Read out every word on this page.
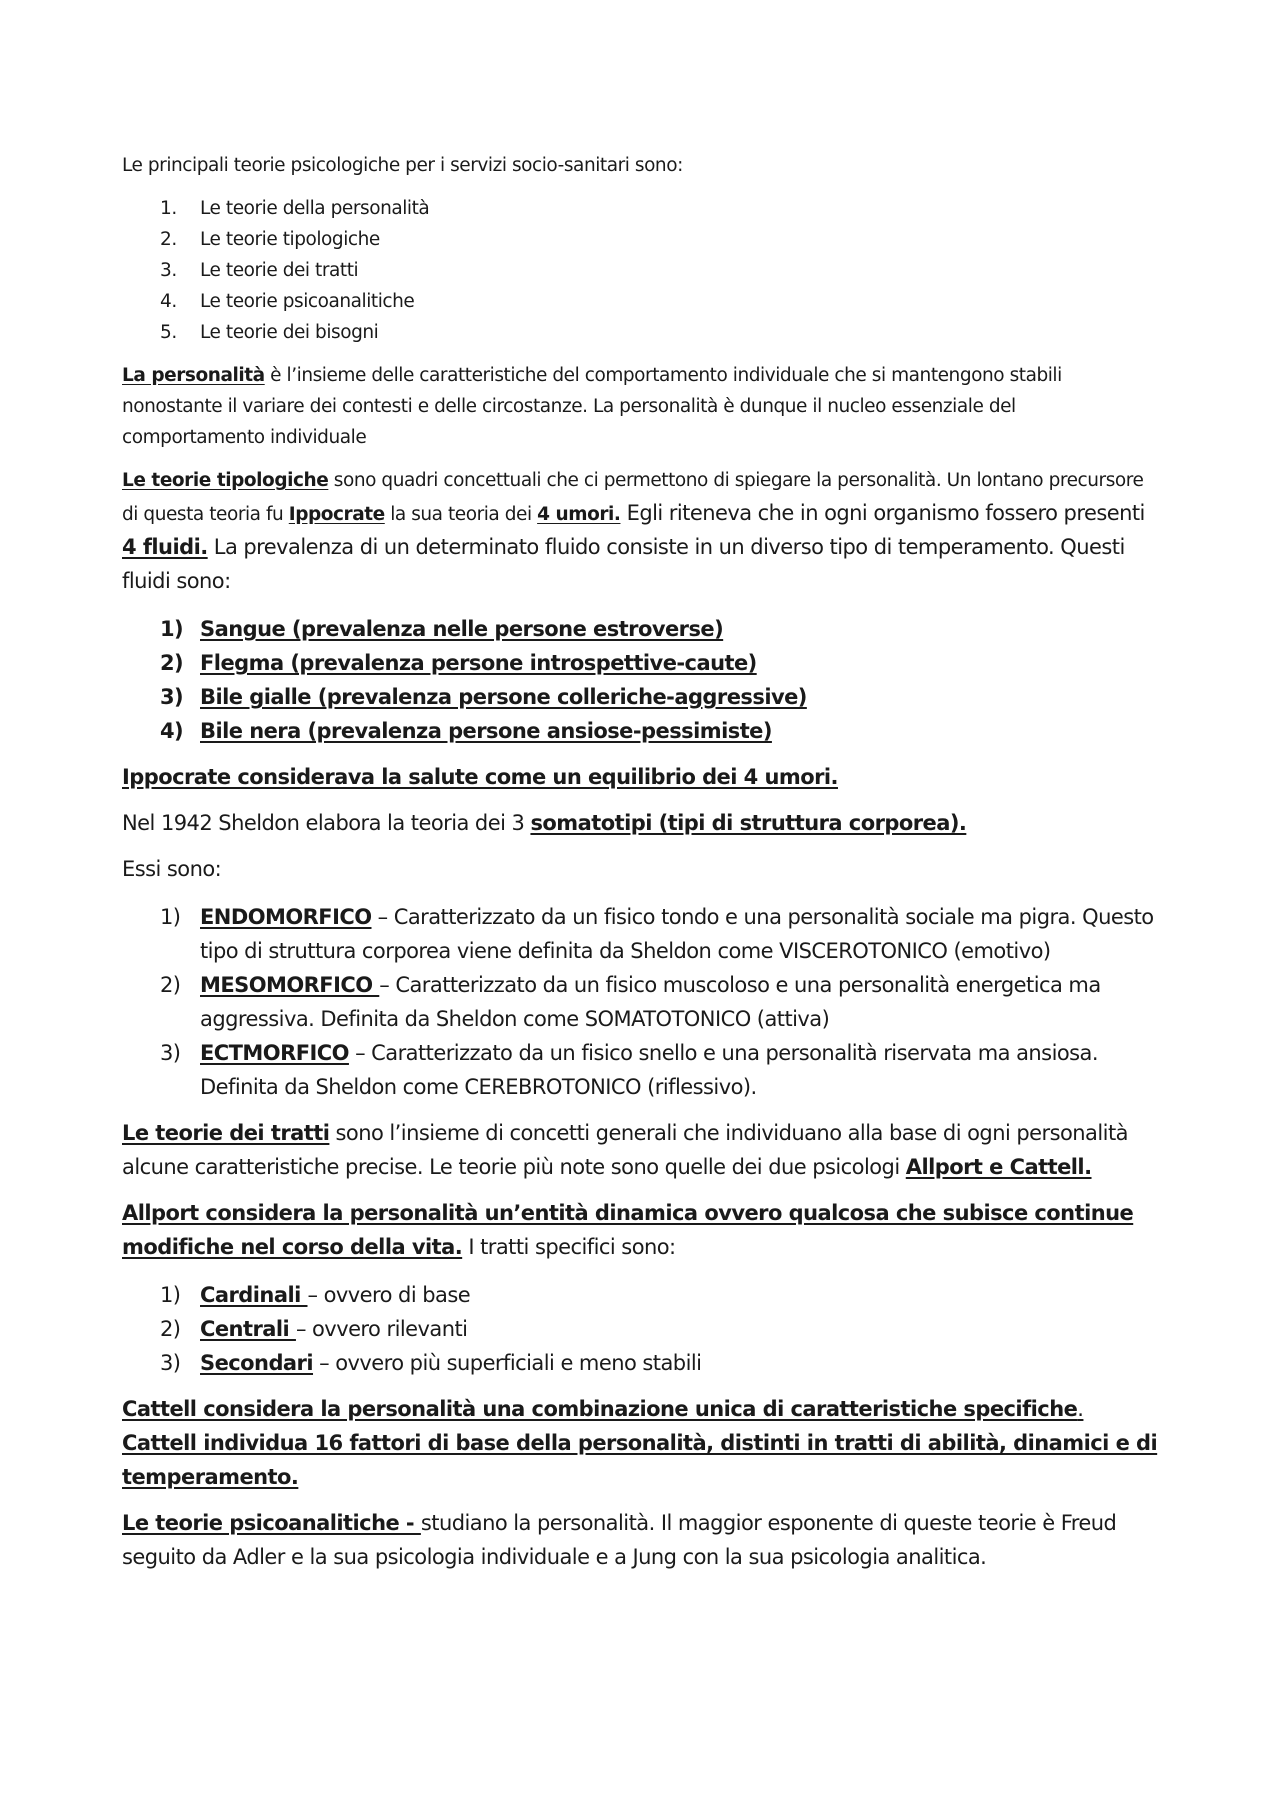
Le principali teorie psicologiche per i servizi socio-sanitari sono:

1. Le teorie della personalità
2. Le teorie tipologiche
3. Le teorie dei tratti
4. Le teorie psicoanalitiche
5. Le teorie dei bisogni

La personalità è l’insieme delle caratteristiche del comportamento individuale che si mantengono stabili nonostante il variare dei contesti e delle circostanze. La personalità è dunque il nucleo essenziale del comportamento individuale

Le teorie tipologiche sono quadri concettuali che ci permettono di spiegare la personalità. Un lontano precursore di questa teoria fu Ippocrate la sua teoria dei 4 umori. Egli riteneva che in ogni organismo fossero presenti 4 fluidi. La prevalenza di un determinato fluido consiste in un diverso tipo di temperamento. Questi fluidi sono:

1) Sangue (prevalenza nelle persone estroverse)
2) Flegma (prevalenza persone introspettive-caute)
3) Bile gialle (prevalenza persone colleriche-aggressive)
4) Bile nera (prevalenza persone ansiose-pessimiste)

Ippocrate considerava la salute come un equilibrio dei 4 umori.

Nel 1942 Sheldon elabora la teoria dei 3 somatotipi (tipi di struttura corporea).

Essi sono:

1) ENDOMORFICO – Caratterizzato da un fisico tondo e una personalità sociale ma pigra. Questo tipo di struttura corporea viene definita da Sheldon come VISCEROTONICO (emotivo)
2) MESOMORFICO – Caratterizzato da un fisico muscoloso e una personalità energetica ma aggressiva. Definita da Sheldon come SOMATOTONICO (attiva)
3) ECTMORFICO – Caratterizzato da un fisico snello e una personalità riservata ma ansiosa. Definita da Sheldon come CEREBROTONICO (riflessivo).

Le teorie dei tratti sono l’insieme di concetti generali che individuano alla base di ogni personalità alcune caratteristiche precise. Le teorie più note sono quelle dei due psicologi Allport e Cattell.

Allport considera la personalità un’entità dinamica ovvero qualcosa che subisce continue modifiche nel corso della vita. I tratti specifici sono:

1) Cardinali – ovvero di base
2) Centrali – ovvero rilevanti
3) Secondari – ovvero più superficiali e meno stabili

Cattell considera la personalità una combinazione unica di caratteristiche specifiche. Cattell individua 16 fattori di base della personalità, distinti in tratti di abilità, dinamici e di temperamento.

Le teorie psicoanalitiche - studiano la personalità. Il maggior esponente di queste teorie è Freud seguito da Adler e la sua psicologia individuale e a Jung con la sua psicologia analitica.
